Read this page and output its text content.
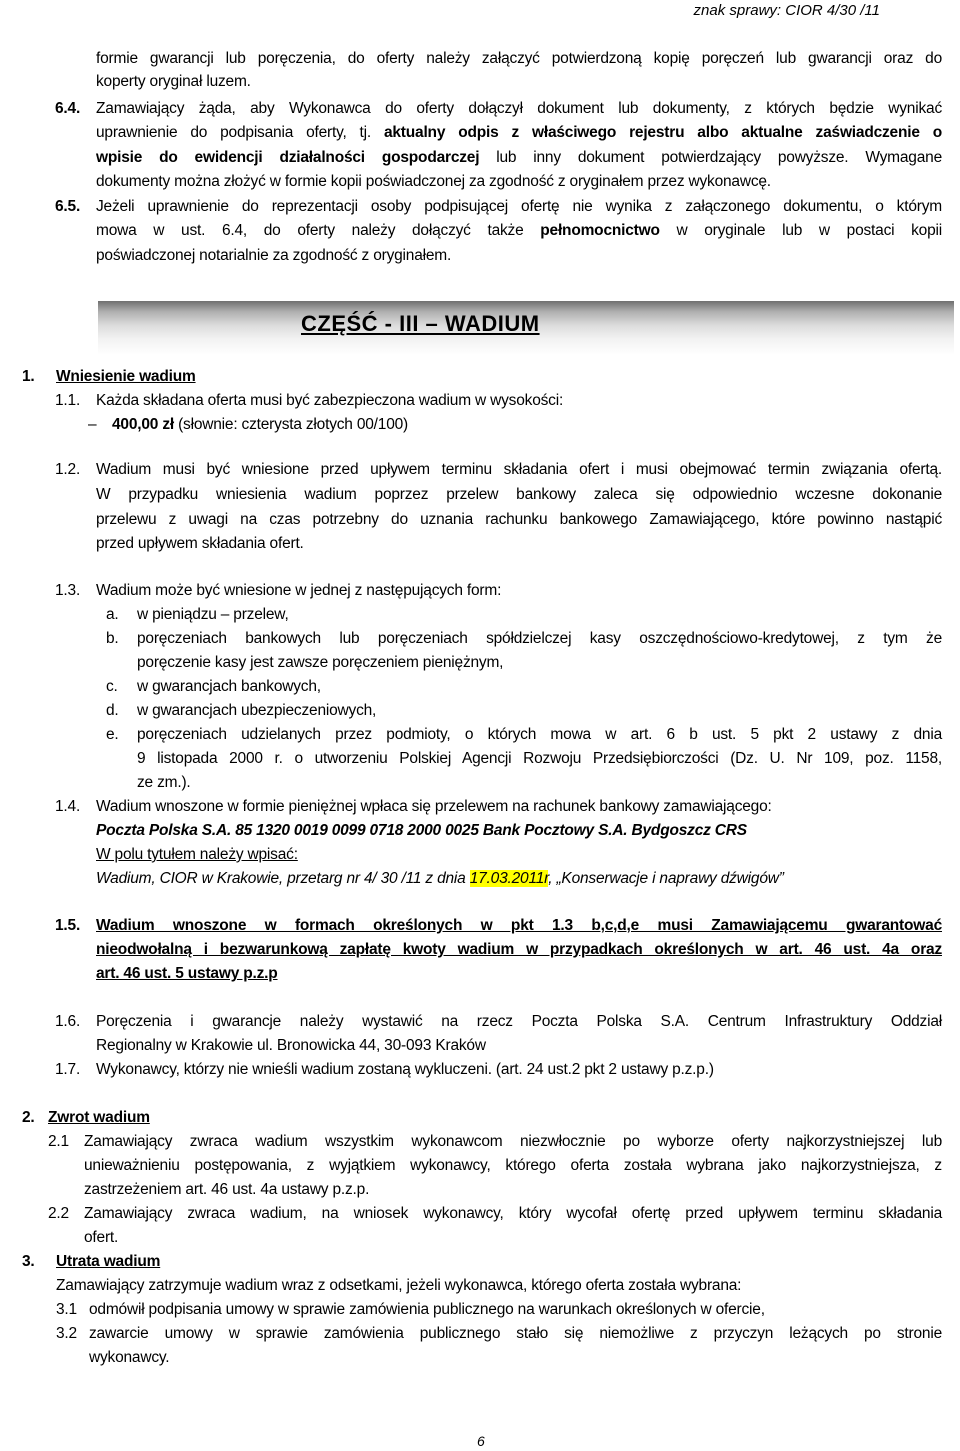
znak sprawy: CIOR 4/30 /11
formie gwarancji lub poręczenia, do oferty należy załączyć potwierdzoną kopię poręczeń lub gwarancji oraz do
koperty oryginał luzem.
6.4. Zamawiający żąda, aby Wykonawca do oferty dołączył dokument lub dokumenty, z których będzie wynikać
uprawnienie do podpisania oferty, tj. aktualny odpis z właściwego rejestru albo aktualne zaświadczenie o
wpisie do ewidencji działalności gospodarczej lub inny dokument potwierdzający powyższe. Wymagane
dokumenty można złożyć w formie kopii poświadczonej za zgodność z oryginałem przez wykonawcę.
6.5. Jeżeli uprawnienie do reprezentacji osoby podpisującej ofertę nie wynika z załączonego dokumentu, o którym
mowa w ust. 6.4, do oferty należy dołączyć także pełnomocnictwo w oryginale lub w postaci kopii
poświadczonej notarialnie za zgodność z oryginałem.
CZĘŚĆ - III – WADIUM
1. Wniesienie wadium
1.1. Każda składana oferta musi być zabezpieczona wadium w wysokości:
– 400,00 zł (słownie: czterysta złotych 00/100)
1.2. Wadium musi być wniesione przed upływem terminu składania ofert i musi obejmować termin związania ofertą.
W przypadku wniesienia wadium poprzez przelew bankowy zaleca się odpowiednio wczesne dokonanie
przelewu z uwagi na czas potrzebny do uznania rachunku bankowego Zamawiającego, które powinno nastąpić
przed upływem składania ofert.
1.3. Wadium może być wniesione w jednej z następujących form:
a. w pieniądzu – przelew,
b. poręczeniach bankowych lub poręczeniach spółdzielczej kasy oszczędnościowo-kredytowej, z tym że
poręczenie kasy jest zawsze poręczeniem pieniężnym,
c. w gwarancjach bankowych,
d. w gwarancjach ubezpieczeniowych,
e. poręczeniach udzielanych przez podmioty, o których mowa w art. 6 b ust. 5 pkt 2 ustawy z dnia
9 listopada 2000 r. o utworzeniu Polskiej Agencji Rozwoju Przedsiębiorczości (Dz. U. Nr 109, poz. 1158,
ze zm.).
1.4. Wadium wnoszone w formie pieniężnej wpłaca się przelewem na rachunek bankowy zamawiającego:
Poczta Polska S.A. 85 1320 0019 0099 0718 2000 0025 Bank Pocztowy S.A. Bydgoszcz CRS
W polu tytułem należy wpisać:
Wadium, CIOR w Krakowie, przetarg nr 4/ 30 /11 z dnia 17.03.2011r, „Konserwacje i naprawy dźwigów”
1.5. Wadium wnoszone w formach określonych w pkt 1.3 b,c,d,e musi Zamawiającemu gwarantować
nieodwołalną i bezwarunkową zapłatę kwoty wadium w przypadkach określonych w art. 46 ust. 4a oraz
art. 46 ust. 5 ustawy p.z.p
1.6. Poręczenia i gwarancje należy wystawić na rzecz Poczta Polska S.A. Centrum Infrastruktury Oddział
Regionalny w Krakowie ul. Bronowicka 44, 30-093 Kraków
1.7. Wykonawcy, którzy nie wnieśli wadium zostaną wykluczeni. (art. 24 ust.2 pkt 2 ustawy p.z.p.)
2. Zwrot wadium
2.1 Zamawiający zwraca wadium wszystkim wykonawcom niezwłocznie po wyborze oferty najkorzystniejszej lub
unieważnieniu postępowania, z wyjątkiem wykonawcy, którego oferta została wybrana jako najkorzystniejsza, z
zastrzeżeniem art. 46 ust. 4a ustawy p.z.p.
2.2 Zamawiający zwraca wadium, na wniosek wykonawcy, który wycofał ofertę przed upływem terminu składania
ofert.
3. Utrata wadium
Zamawiający zatrzymuje wadium wraz z odsetkami, jeżeli wykonawca, którego oferta została wybrana:
3.1 odmówił podpisania umowy w sprawie zamówienia publicznego na warunkach określonych w ofercie,
3.2 zawarcie umowy w sprawie zamówienia publicznego stało się niemożliwe z przyczyn leżących po stronie
wykonawcy.
6
